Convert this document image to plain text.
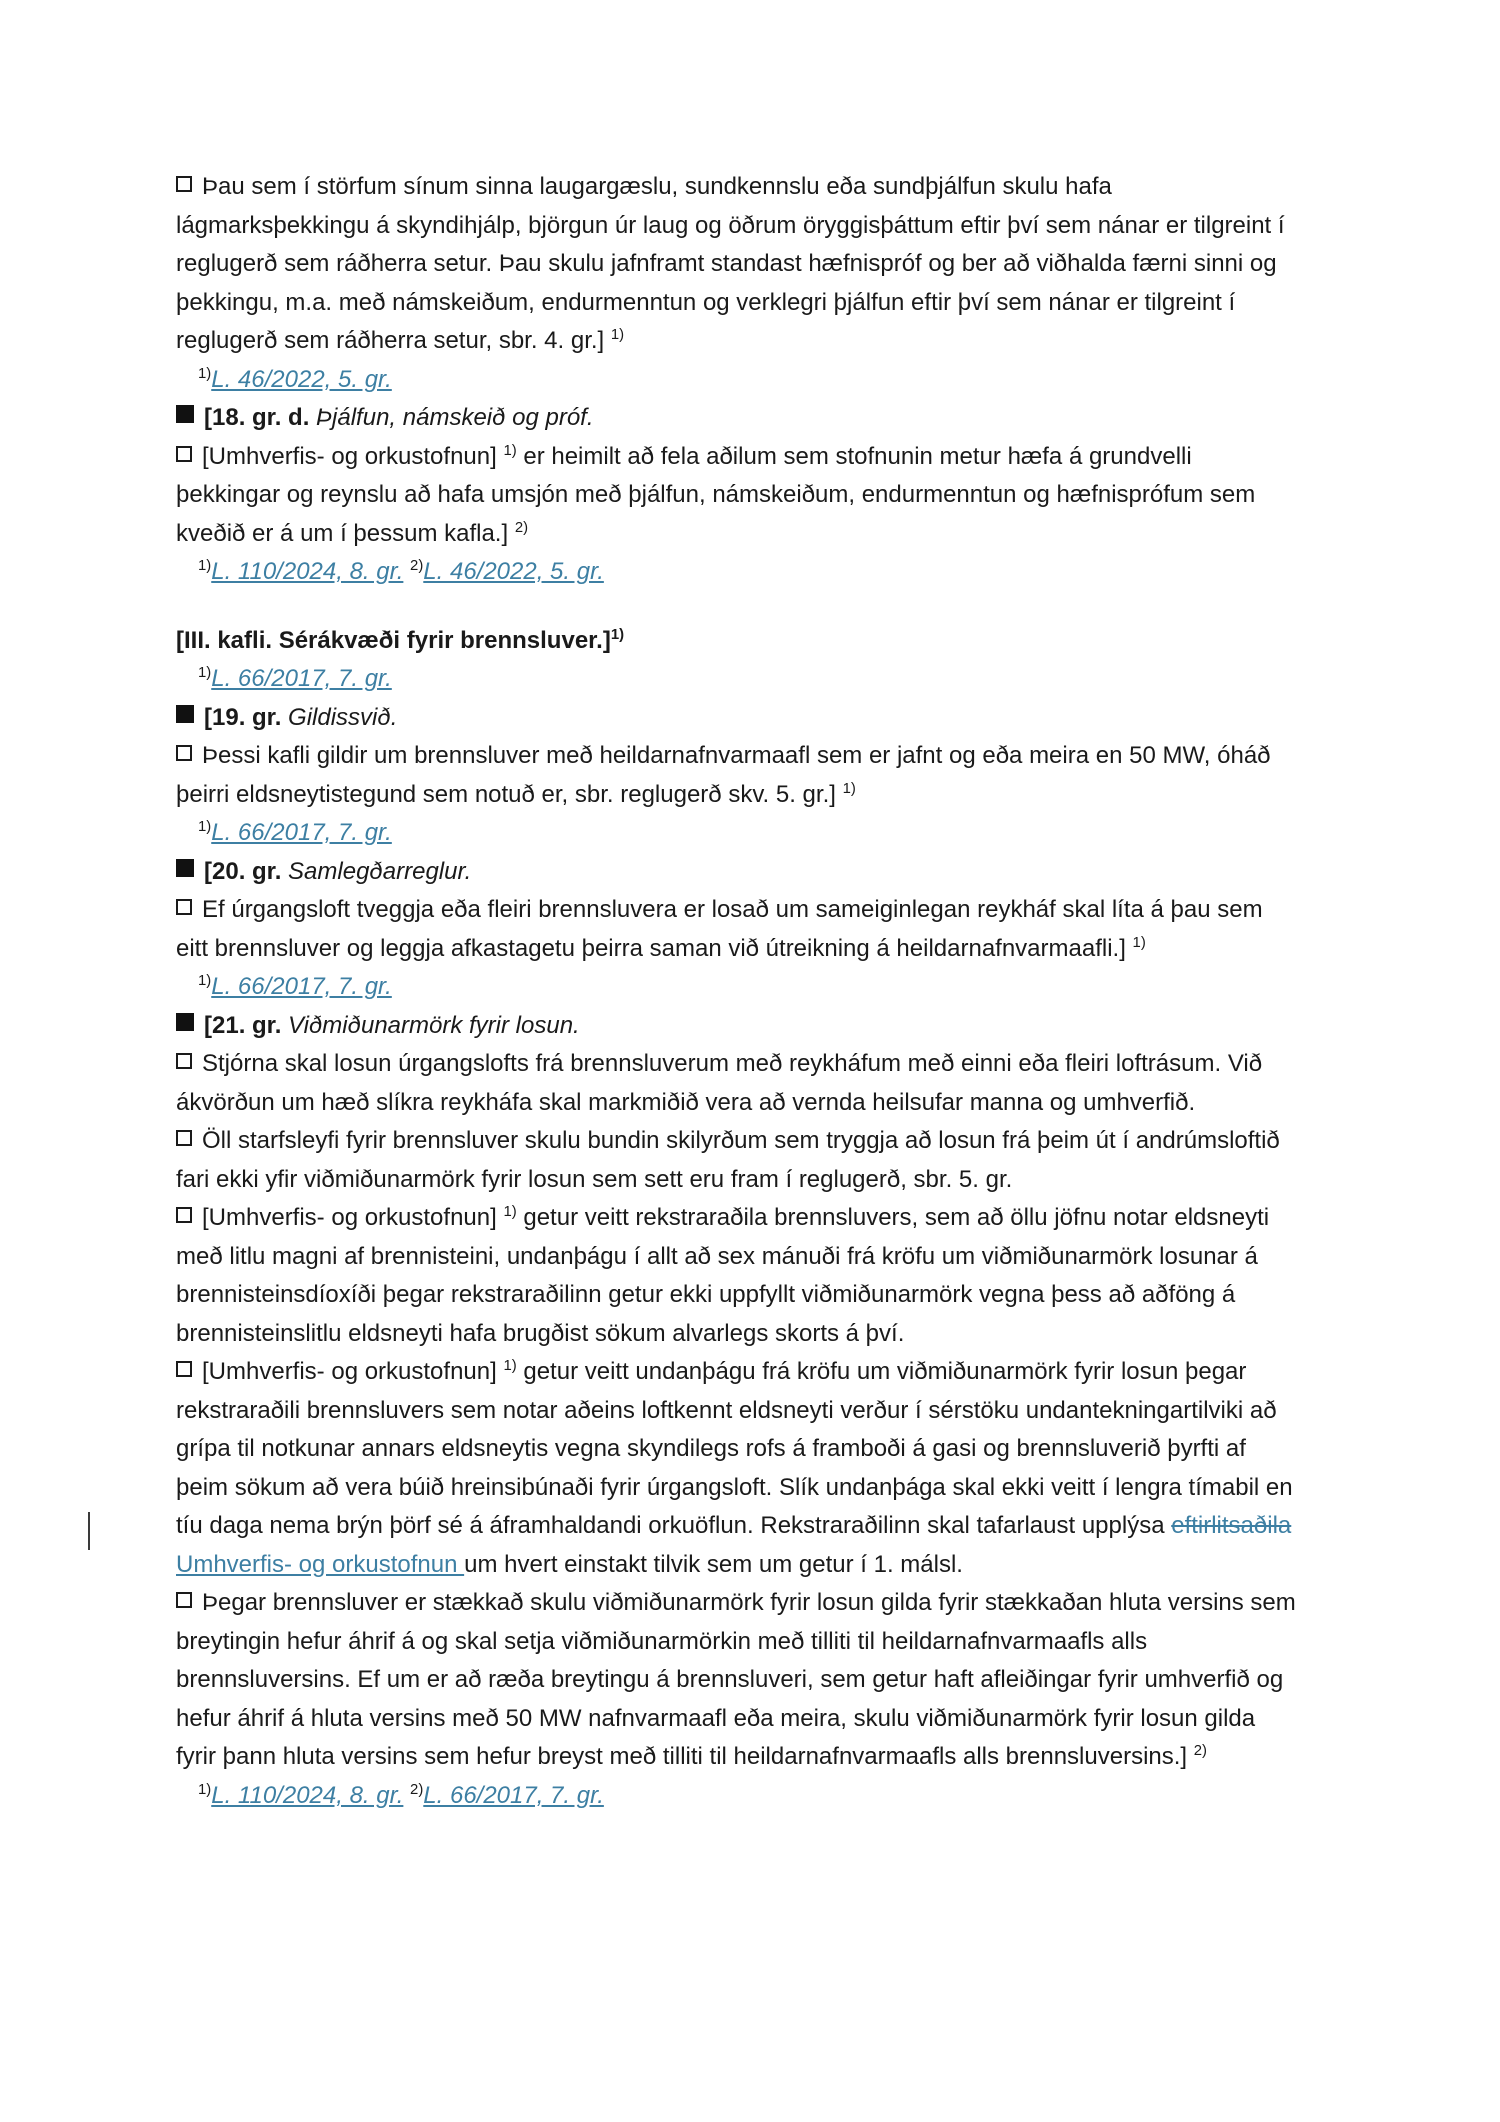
Þau sem í störfum sínum sinna laugargæslu, sundkennslu eða sundþjálfun skulu hafa lágmarksþekkingu á skyndihjálp, björgun úr laug og öðrum öryggisþáttum eftir því sem nánar er tilgreint í reglugerð sem ráðherra setur. Þau skulu jafnframt standast hæfnispróf og ber að viðhalda færni sinni og þekkingu, m.a. með námskeiðum, endurmenntun og verklegri þjálfun eftir því sem nánar er tilgreint í reglugerð sem ráðherra setur, sbr. 4. gr.] $^{1)}$

$^{1)}$L. 46/2022, 5. gr.

[18. gr. d. Þjálfun, námskeið og próf.

[Umhverfis- og orkustofnun] $^{1)}$ er heimilt að fela aðilum sem stofnunin metur hæfa á grundvelli þekkingar og reynslu að hafa umsjón með þjálfun, námskeiðum, endurmenntun og hæfnisprófum sem kveðið er á um í þessum kafla.] $^{2)}$

$^{1)}$L. 110/2024, 8. gr. $^{2)}$L. 46/2022, 5. gr.

[III. kafli. Sérákvæði fyrir brennsluver.]$^{1)}$

$^{1)}$L. 66/2017, 7. gr.

[19. gr. Gildissvið.

Þessi kafli gildir um brennsluver með heildarnafnvarmaafl sem er jafnt og eða meira en 50 MW, óháð þeirri eldsneytistegund sem notuð er, sbr. reglugerð skv. 5. gr.] $^{1)}$

$^{1)}$L. 66/2017, 7. gr.

[20. gr. Samlegðarreglur.

Ef úrgangsloft tveggja eða fleiri brennsluvera er losað um sameiginlegan reykháf skal líta á þau sem eitt brennsluver og leggja afkastagetu þeirra saman við útreikning á heildarnafnvarmaafli.] $^{1)}$

$^{1)}$L. 66/2017, 7. gr.

[21. gr. Viðmiðunarmörk fyrir losun.

Stjórna skal losun úrgangslofts frá brennsluverum með reykháfum með einni eða fleiri loftrásum. Við ákvörðun um hæð slíkra reykháfa skal markmiðið vera að vernda heilsufar manna og umhverfið.

Öll starfsleyfi fyrir brennsluver skulu bundin skilyrðum sem tryggja að losun frá þeim út í andrúmsloftið fari ekki yfir viðmiðunarmörk fyrir losun sem sett eru fram í reglugerð, sbr. 5. gr.

[Umhverfis- og orkustofnun] $^{1)}$ getur veitt rekstraraðila brennsluvers, sem að öllu jöfnu notar eldsneyti með litlu magni af brennisteini, undanþágu í allt að sex mánuði frá kröfu um viðmiðunarmörk losunar á brennisteinsdíoxíði þegar rekstraraðilinn getur ekki uppfyllt viðmiðunarmörk vegna þess að aðföng á brennisteinslitlu eldsneyti hafa brugðist sökum alvarlegs skorts á því.

[Umhverfis- og orkustofnun] $^{1)}$ getur veitt undanþágu frá kröfu um viðmiðunarmörk fyrir losun þegar rekstraraðili brennsluvers sem notar aðeins loftkennt eldsneyti verður í sérstöku undantekningartilviki að grípa til notkunar annars eldsneytis vegna skyndilegs rofs á framboði á gasi og brennsluverið þyrfti af þeim sökum að vera búið hreinsibúnaði fyrir úrgangsloft. Slík undanþága skal ekki veitt í lengra tímabil en tíu daga nema brýn þörf sé á áframhaldandi orkuöflun. Rekstraraðilinn skal tafarlaust upplýsa eftirlitsaðila Umhverfis- og orkustofnun um hvert einstakt tilvik sem um getur í 1. málsl.

Þegar brennsluver er stækkað skulu viðmiðunarmörk fyrir losun gilda fyrir stækkaðan hluta versins sem breytingin hefur áhrif á og skal setja viðmiðunarmörkin með tilliti til heildarnafnvarmaafls alls brennsluversins. Ef um er að ræða breytingu á brennsluveri, sem getur haft afleiðingar fyrir umhverfið og hefur áhrif á hluta versins með 50 MW nafnvarmaafl eða meira, skulu viðmiðunarmörk fyrir losun gilda fyrir þann hluta versins sem hefur breyst með tilliti til heildarnafnvarmaafls alls brennsluversins.] $^{2)}$

$^{1)}$L. 110/2024, 8. gr. $^{2)}$L. 66/2017, 7. gr.
